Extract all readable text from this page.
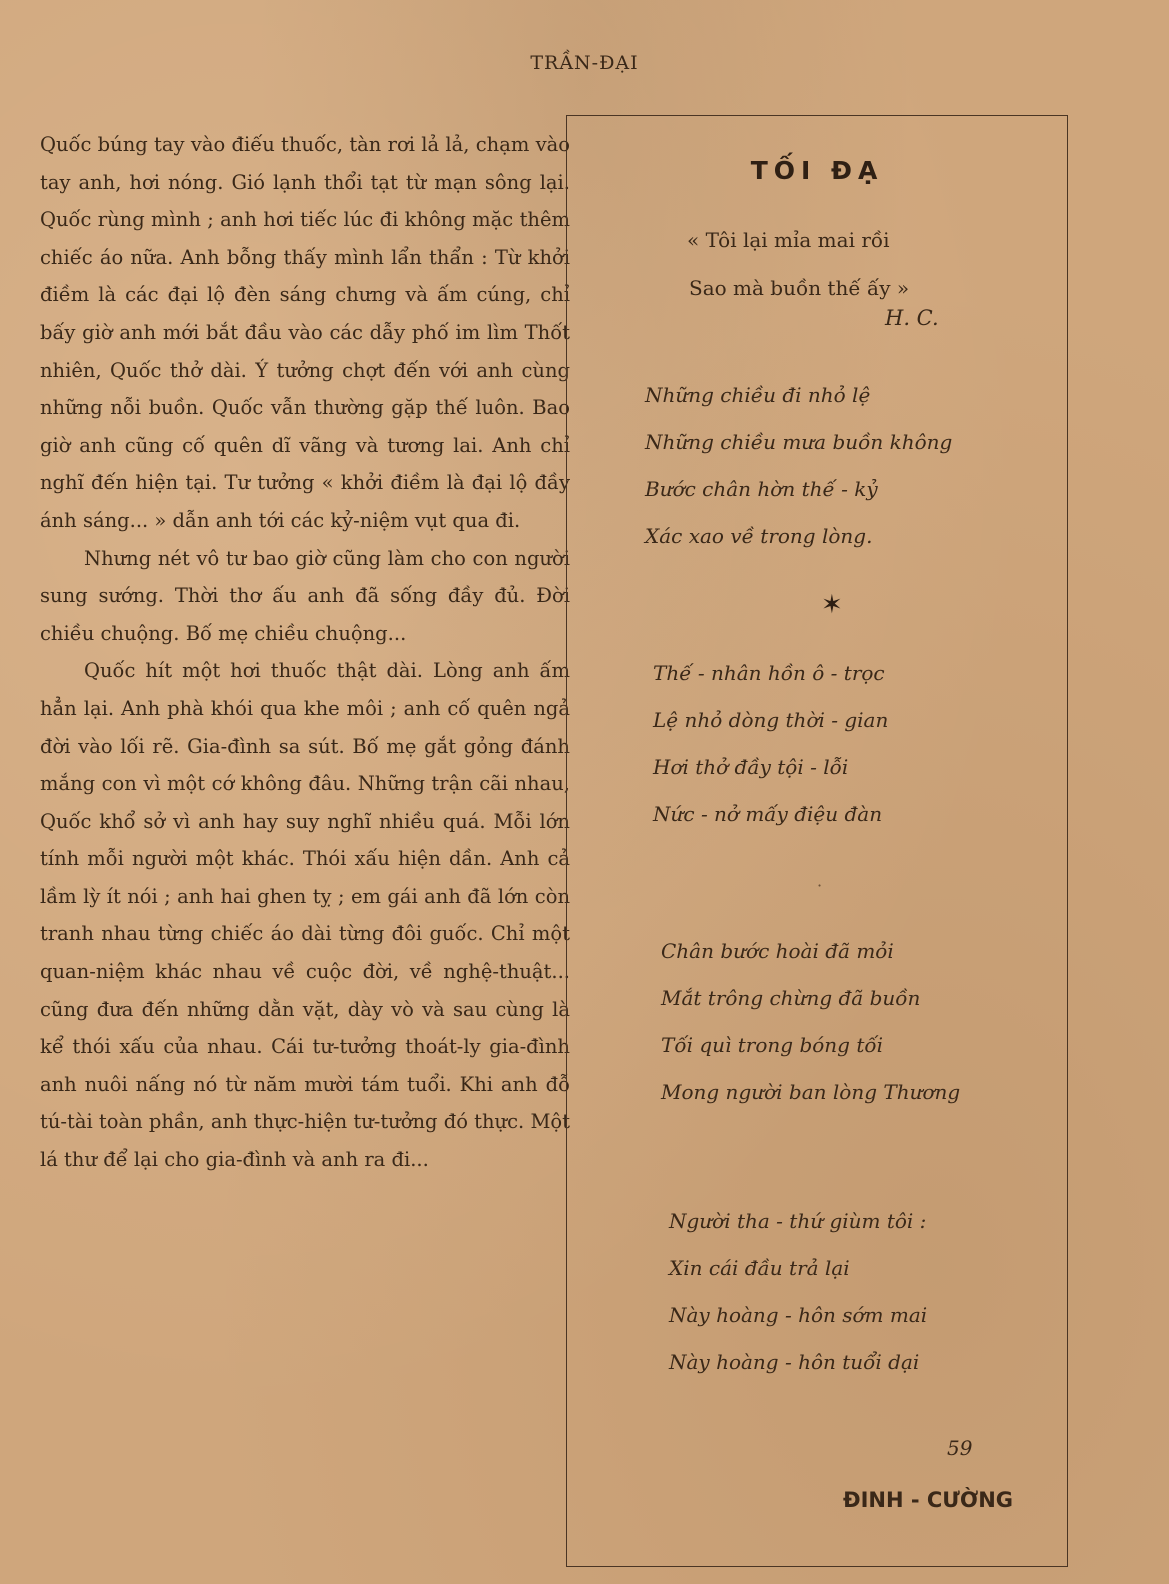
TRẦN-ĐẠI

Quốc búng tay vào điếu thuốc, tàn rơi lả lả, chạm vào tay anh, hơi nóng. Gió lạnh thổi tạt từ mạn sông lại. Quốc rùng mình ; anh hơi tiếc lúc đi không mặc thêm chiếc áo nữa. Anh bỗng thấy mình lẩn thẩn : Từ khởi điềm là các đại lộ đèn sáng chưng và ấm cúng, chỉ bấy giờ anh mới bắt đầu vào các dẫy phố im lìm Thốt nhiên, Quốc thở dài. Ý tưởng chợt đến với anh cùng những nỗi buồn. Quốc vẫn thường gặp thế luôn. Bao giờ anh cũng cố quên dĩ vãng và tương lai. Anh chỉ nghĩ đến hiện tại. Tư tưởng « khởi điềm là đại lộ đầy ánh sáng... » dẫn anh tới các kỷ-niệm vụt qua đi.

Nhưng nét vô tư bao giờ cũng làm cho con người sung sướng. Thời thơ ấu anh đã sống đầy đủ. Đời chiều chuộng. Bố mẹ chiều chuộng...

Quốc hít một hơi thuốc thật dài. Lòng anh ấm hẳn lại. Anh phà khói qua khe môi ; anh cố quên ngả đời vào lối rẽ. Gia-đình sa sút. Bố mẹ gắt gỏng đánh mắng con vì một cớ không đâu. Những trận cãi nhau, Quốc khổ sở vì anh hay suy nghĩ nhiều quá. Mỗi lớn tính mỗi người một khác. Thói xấu hiện dần. Anh cả lầm lỳ ít nói ; anh hai ghen tỵ ; em gái anh đã lớn còn tranh nhau từng chiếc áo dài từng đôi guốc. Chỉ một quan-niệm khác nhau về cuộc đời, về nghệ-thuật... cũng đưa đến những dằn vặt, dày vò và sau cùng là kể thói xấu của nhau. Cái tư-tưởng thoát-ly gia-đình anh nuôi nấng nó từ năm mười tám tuổi. Khi anh đỗ tú-tài toàn phần, anh thực-hiện tư-tưởng đó thực. Một lá thư để lại cho gia-đình và anh ra đi...

TỐI ĐẠ
« Tôi lại mỉa mai rồi
Sao mà buồn thế ấy »
H. C.
Những chiều đi nhỏ lệ
Những chiều mưa buồn không
Bước chân hờn thế - kỷ
Xác xao về trong lòng.
✶
Thế - nhân hồn ô - trọc
Lệ nhỏ dòng thời - gian
Hơi thở đầy tội - lỗi
Nức - nở mấy điệu đàn
·
Chân bước hoài đã mỏi
Mắt trông chừng đã buồn
Tối quì trong bóng tối
Mong người ban lòng Thương
Người tha - thứ giùm tôi :
Xin cái đầu trả lại
Này hoàng - hôn sớm mai
Này hoàng - hôn tuổi dại
59
ĐINH - CƯỜNG
